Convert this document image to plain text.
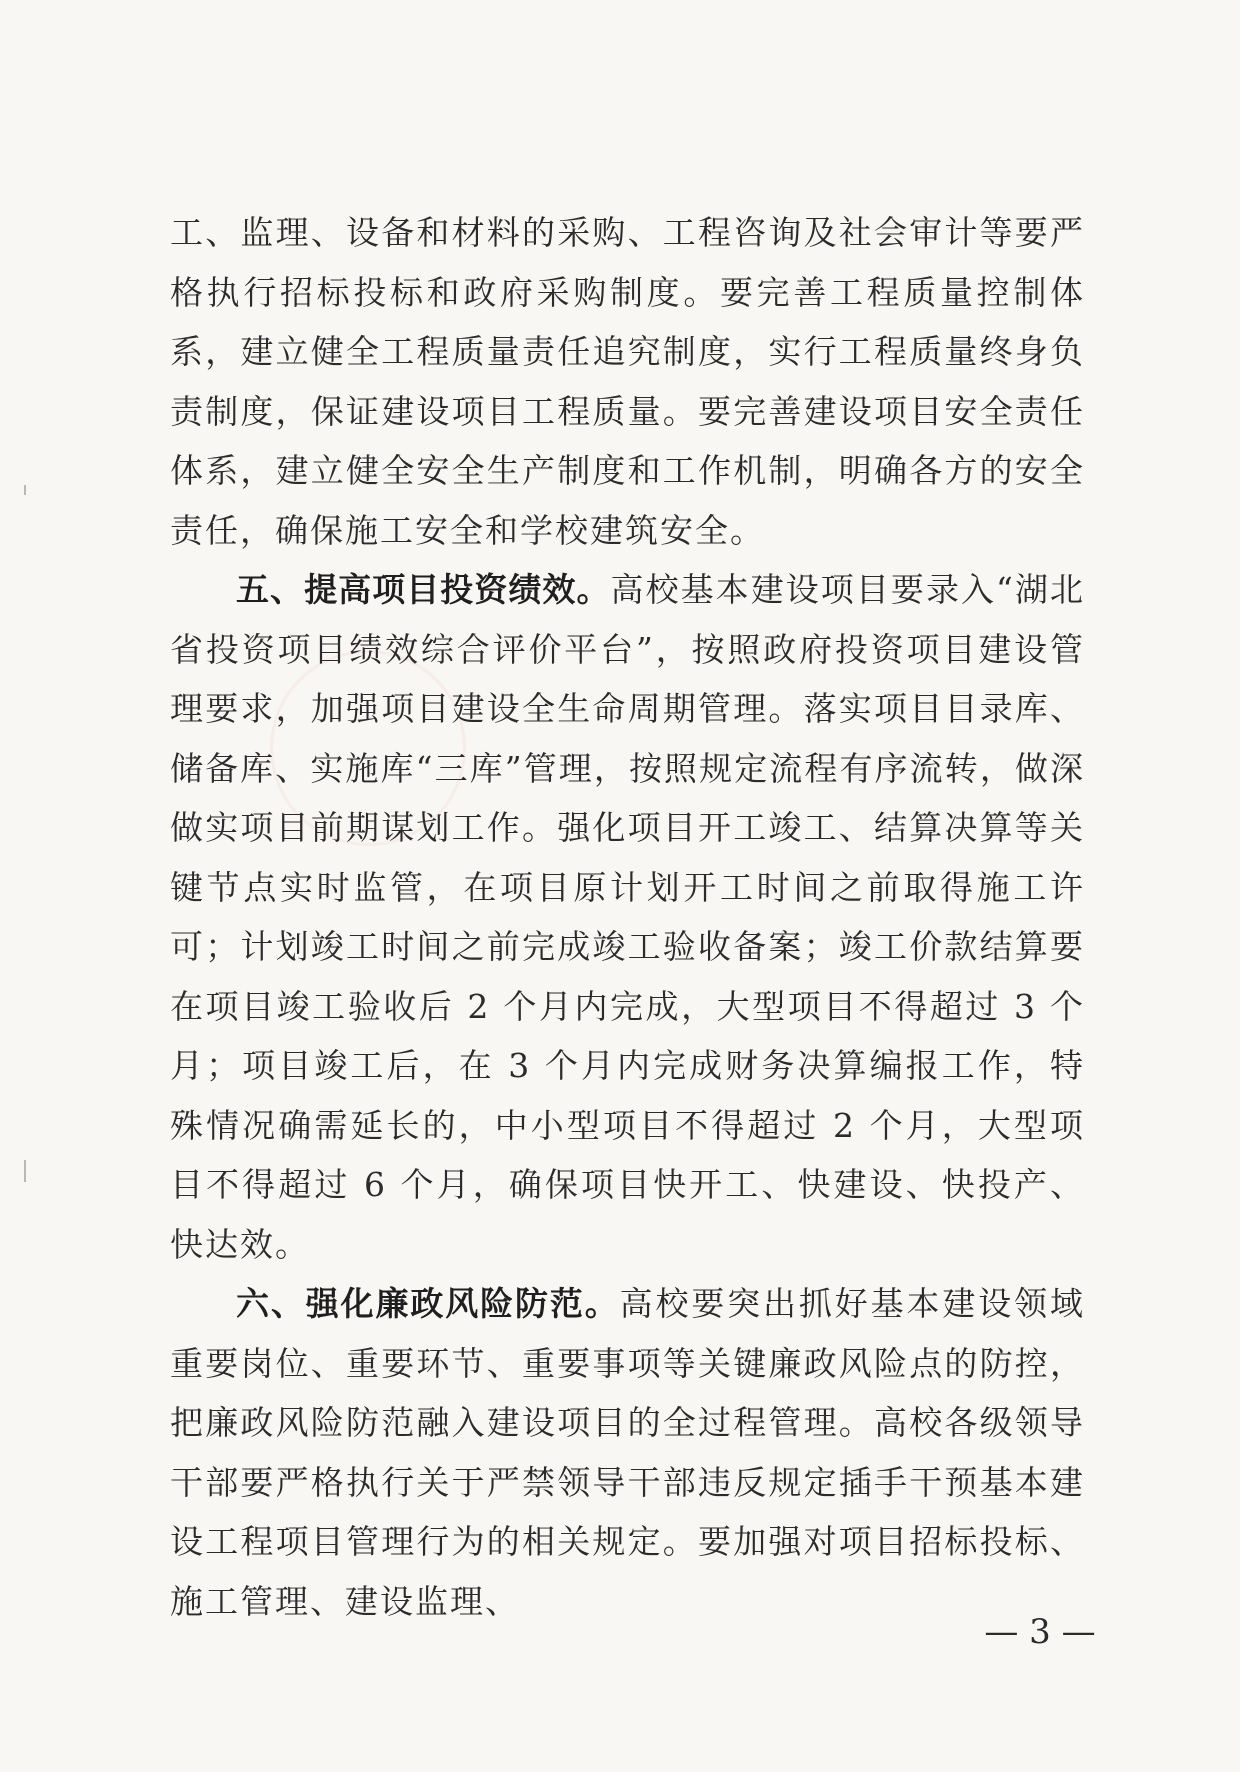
工、监理、设备和材料的采购、工程咨询及社会审计等要严格执行招标投标和政府采购制度。要完善工程质量控制体系，建立健全工程质量责任追究制度，实行工程质量终身负责制度，保证建设项目工程质量。要完善建设项目安全责任体系，建立健全安全生产制度和工作机制，明确各方的安全责任，确保施工安全和学校建筑安全。

五、提高项目投资绩效。高校基本建设项目要录入“湖北省投资项目绩效综合评价平台”，按照政府投资项目建设管理要求，加强项目建设全生命周期管理。落实项目目录库、储备库、实施库“三库”管理，按照规定流程有序流转，做深做实项目前期谋划工作。强化项目开工竣工、结算决算等关键节点实时监管，在项目原计划开工时间之前取得施工许可；计划竣工时间之前完成竣工验收备案；竣工价款结算要在项目竣工验收后 2 个月内完成，大型项目不得超过 3 个月；项目竣工后，在 3 个月内完成财务决算编报工作，特殊情况确需延长的，中小型项目不得超过 2 个月，大型项目不得超过 6 个月，确保项目快开工、快建设、快投产、快达效。

六、强化廉政风险防范。高校要突出抓好基本建设领域重要岗位、重要环节、重要事项等关键廉政风险点的防控，把廉政风险防范融入建设项目的全过程管理。高校各级领导干部要严格执行关于严禁领导干部违反规定插手干预基本建设工程项目管理行为的相关规定。要加强对项目招标投标、施工管理、建设监理、

— 3 —
